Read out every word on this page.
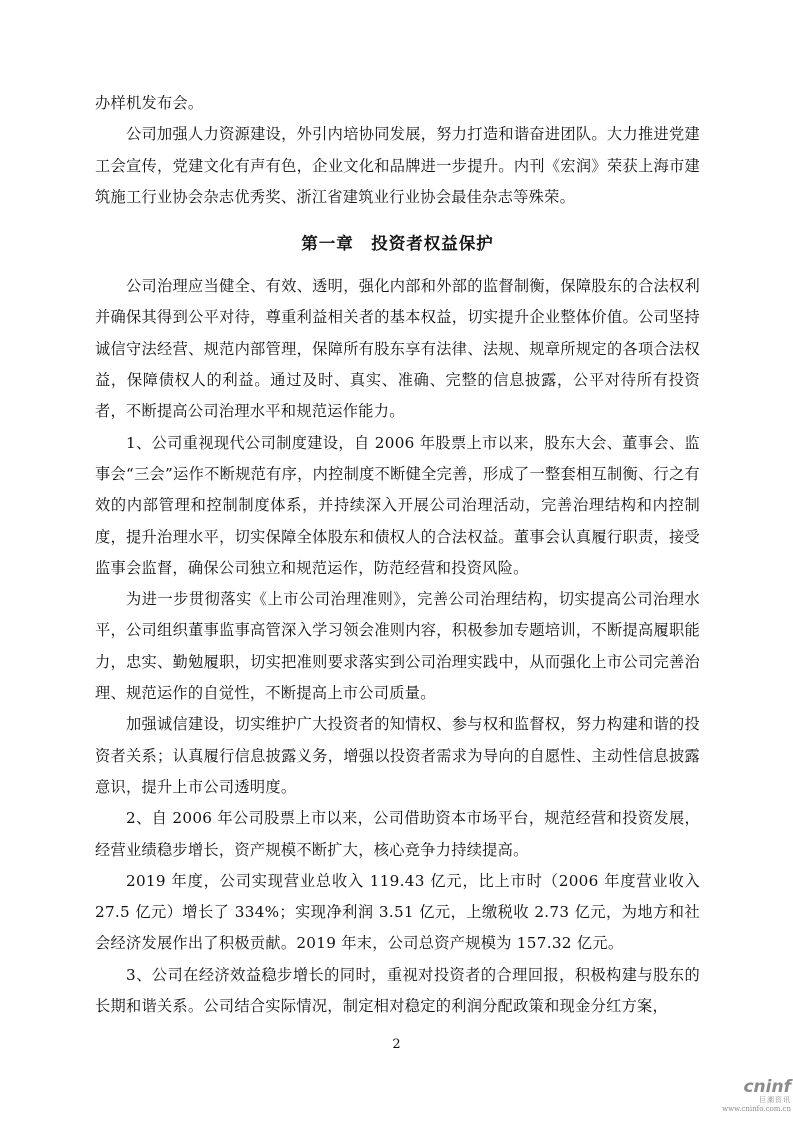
办样机发布会。

公司加强人力资源建设，外引内培协同发展，努力打造和谐奋进团队。大力推进党建工会宣传，党建文化有声有色，企业文化和品牌进一步提升。内刊《宏润》荣获上海市建筑施工行业协会杂志优秀奖、浙江省建筑业行业协会最佳杂志等殊荣。

第一章　投资者权益保护

公司治理应当健全、有效、透明，强化内部和外部的监督制衡，保障股东的合法权利并确保其得到公平对待，尊重利益相关者的基本权益，切实提升企业整体价值。公司坚持诚信守法经营、规范内部管理，保障所有股东享有法律、法规、规章所规定的各项合法权益，保障债权人的利益。通过及时、真实、准确、完整的信息披露，公平对待所有投资者，不断提高公司治理水平和规范运作能力。

1、公司重视现代公司制度建设，自 2006 年股票上市以来，股东大会、董事会、监事会“三会”运作不断规范有序，内控制度不断健全完善，形成了一整套相互制衡、行之有效的内部管理和控制制度体系，并持续深入开展公司治理活动，完善治理结构和内控制度，提升治理水平，切实保障全体股东和债权人的合法权益。董事会认真履行职责，接受监事会监督，确保公司独立和规范运作，防范经营和投资风险。

为进一步贯彻落实《上市公司治理准则》，完善公司治理结构，切实提高公司治理水平，公司组织董事监事高管深入学习领会准则内容，积极参加专题培训，不断提高履职能力，忠实、勤勉履职，切实把准则要求落实到公司治理实践中，从而强化上市公司完善治理、规范运作的自觉性，不断提高上市公司质量。

加强诚信建设，切实维护广大投资者的知情权、参与权和监督权，努力构建和谐的投资者关系；认真履行信息披露义务，增强以投资者需求为导向的自愿性、主动性信息披露意识，提升上市公司透明度。

2、自 2006 年公司股票上市以来，公司借助资本市场平台，规范经营和投资发展，经营业绩稳步增长，资产规模不断扩大，核心竞争力持续提高。

2019 年度，公司实现营业总收入 119.43 亿元，比上市时（2006 年度营业收入 27.5 亿元）增长了 334%；实现净利润 3.51 亿元，上缴税收 2.73 亿元，为地方和社会经济发展作出了积极贡献。2019 年末，公司总资产规模为 157.32 亿元。

3、公司在经济效益稳步增长的同时，重视对投资者的合理回报，积极构建与股东的长期和谐关系。公司结合实际情况，制定相对稳定的利润分配政策和现金分红方案，

2
cninf
巨潮资讯
www.cninfo.com.cn
